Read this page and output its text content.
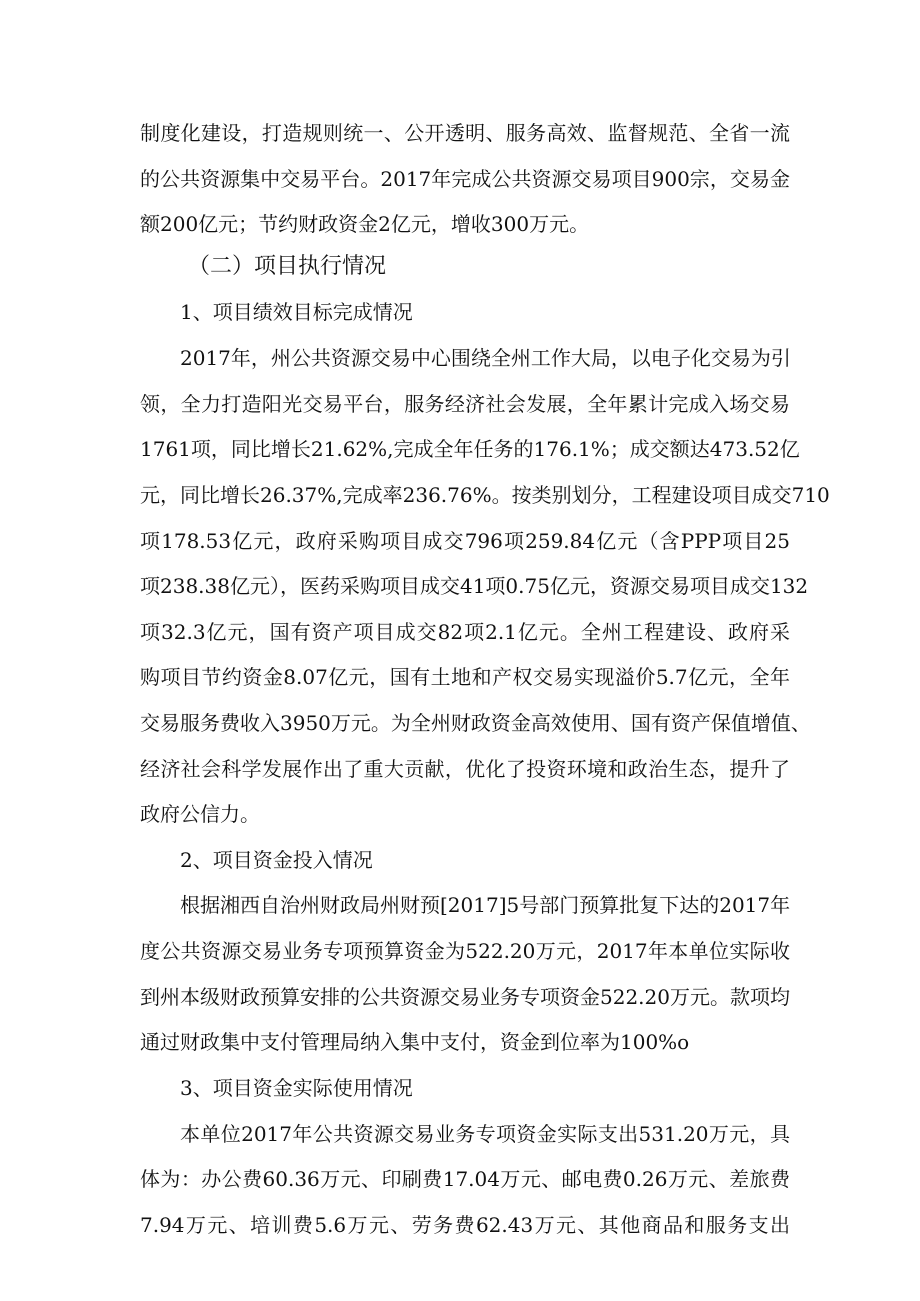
制度化建设，打造规则统一、公开透明、服务高效、监督规范、全省一流
的公共资源集中交易平台。2017年完成公共资源交易项目900宗，交易金
额200亿元；节约财政资金2亿元，增收300万元。
（二）项目执行情况
1、项目绩效目标完成情况
2017年，州公共资源交易中心围绕全州工作大局，以电子化交易为引
领，全力打造阳光交易平台，服务经济社会发展，全年累计完成入场交易
1761项，同比增长21.62%,完成全年任务的176.1%；成交额达473.52亿
元，同比增长26.37%,完成率236.76%。按类别划分，工程建设项目成交710
项178.53亿元，政府采购项目成交796项259.84亿元（含PPP项目25
项238.38亿元），医药采购项目成交41项0.75亿元，资源交易项目成交132
项32.3亿元，国有资产项目成交82项2.1亿元。全州工程建设、政府采
购项目节约资金8.07亿元，国有土地和产权交易实现溢价5.7亿元，全年
交易服务费收入3950万元。为全州财政资金高效使用、国有资产保值增值、
经济社会科学发展作出了重大贡献，优化了投资环境和政治生态，提升了
政府公信力。
2、项目资金投入情况
根据湘西自治州财政局州财预[2017]5号部门预算批复下达的2017年
度公共资源交易业务专项预算资金为522.20万元，2017年本单位实际收
到州本级财政预算安排的公共资源交易业务专项资金522.20万元。款项均
通过财政集中支付管理局纳入集中支付，资金到位率为100%o
3、项目资金实际使用情况
本单位2017年公共资源交易业务专项资金实际支出531.20万元，具
体为：办公费60.36万元、印刷费17.04万元、邮电费0.26万元、差旅费
7.94万元、培训费5.6万元、劳务费62.43万元、其他商品和服务支出
